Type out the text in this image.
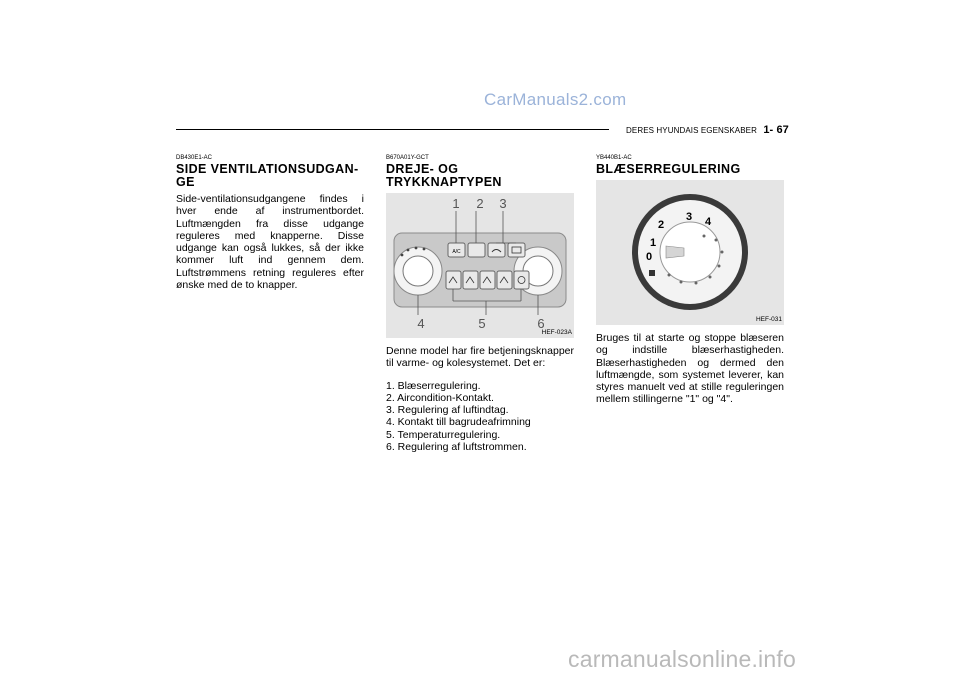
CarManuals2.com
DERES HYUNDAIS EGENSKABER 1- 67
DB430E1-AC
SIDE VENTILATIONSUDGAN-GE
Side-ventilationsudgangene findes i hver ende af instrumentbordet. Luftmængden fra disse udgange reguleres med knapperne. Disse udgange kan også lukkes, så der ikke kommer luft ind gennem dem. Luftstrømmens retning reguleres efter ønske med de to knapper.
B670A01Y-GCT
DREJE- OG TRYKKNAPTYPEN
A/C
1 2 3
4	5	6
HEF-023A
Denne model har fire betjeningsknapper til varme- og kolesystemet. Det er:
1. Blæserregulering.
2. Aircondition-Kontakt.
3. Regulering af luftindtag.
4. Kontakt till bagrudeafrimning
5. Temperaturregulering.
6. Regulering af luftstrommen.
YB440B1-AC
BLÆSERREGULERING
2
3 4
1
0
HEF-031
Bruges til at starte og stoppe blæseren og indstille blæserhastigheden. Blæserhastigheden og dermed den luftmængde, som systemet leverer, kan styres manuelt ved at stille reguleringen mellem stillingerne "1" og "4".
carmanualsonline.info
